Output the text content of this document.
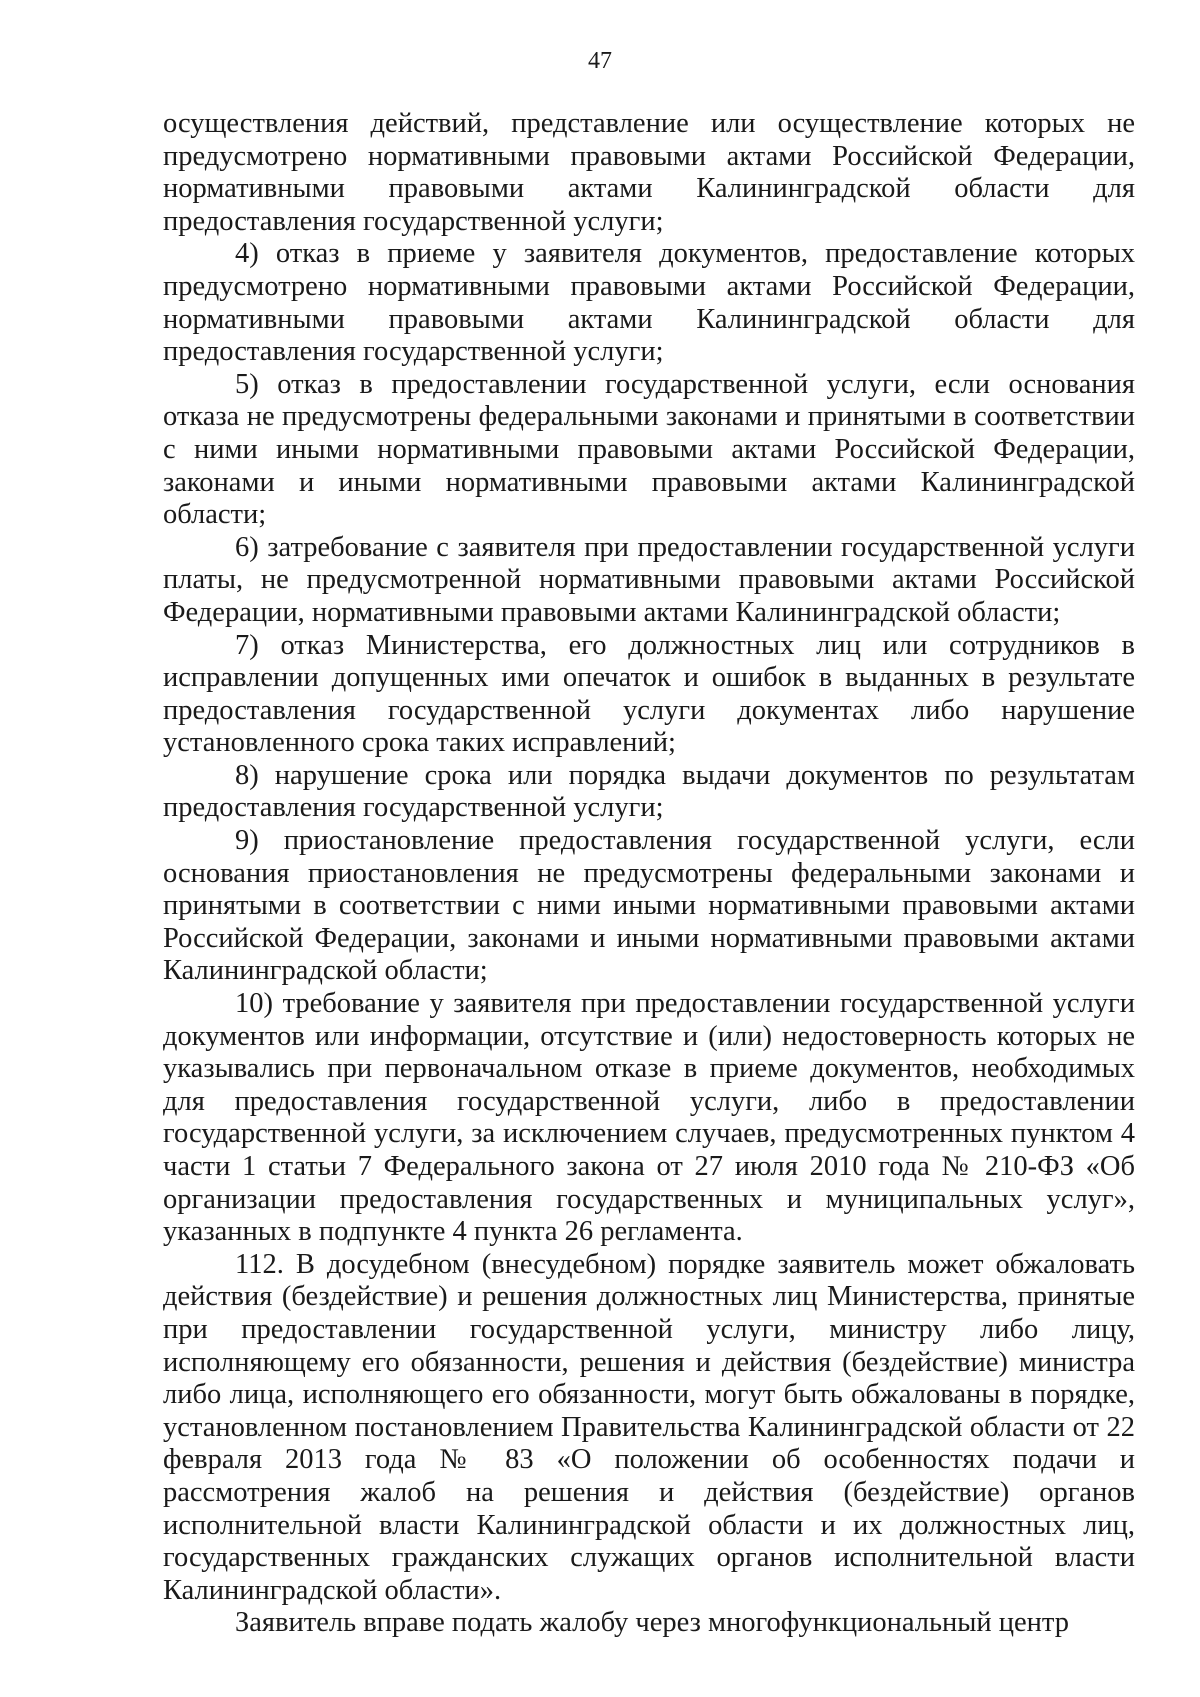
47

осуществления действий, представление или осуществление которых не предусмотрено нормативными правовыми актами Российской Федерации, нормативными правовыми актами Калининградской области для предоставления государственной услуги;

4) отказ в приеме у заявителя документов, предоставление которых предусмотрено нормативными правовыми актами Российской Федерации, нормативными правовыми актами Калининградской области для предоставления государственной услуги;

5) отказ в предоставлении государственной услуги, если основания отказа не предусмотрены федеральными законами и принятыми в соответствии с ними иными нормативными правовыми актами Российской Федерации, законами и иными нормативными правовыми актами Калининградской области;

6) затребование с заявителя при предоставлении государственной услуги платы, не предусмотренной нормативными правовыми актами Российской Федерации, нормативными правовыми актами Калининградской области;

7) отказ Министерства, его должностных лиц или сотрудников в исправлении допущенных ими опечаток и ошибок в выданных в результате предоставления государственной услуги документах либо нарушение установленного срока таких исправлений;

8) нарушение срока или порядка выдачи документов по результатам предоставления государственной услуги;

9) приостановление предоставления государственной услуги, если основания приостановления не предусмотрены федеральными законами и принятыми в соответствии с ними иными нормативными правовыми актами Российской Федерации, законами и иными нормативными правовыми актами Калининградской области;

10) требование у заявителя при предоставлении государственной услуги документов или информации, отсутствие и (или) недостоверность которых не указывались при первоначальном отказе в приеме документов, необходимых для предоставления государственной услуги, либо в предоставлении государственной услуги, за исключением случаев, предусмотренных пунктом 4 части 1 статьи 7 Федерального закона от 27 июля 2010 года № 210-ФЗ «Об организации предоставления государственных и муниципальных услуг», указанных в подпункте 4 пункта 26 регламента.

112. В досудебном (внесудебном) порядке заявитель может обжаловать действия (бездействие) и решения должностных лиц Министерства, принятые при предоставлении государственной услуги, министру либо лицу, исполняющему его обязанности, решения и действия (бездействие) министра либо лица, исполняющего его обязанности, могут быть обжалованы в порядке, установленном постановлением Правительства Калининградской области от 22 февраля 2013 года № 83 «О положении об особенностях подачи и рассмотрения жалоб на решения и действия (бездействие) органов исполнительной власти Калининградской области и их должностных лиц, государственных гражданских служащих органов исполнительной власти Калининградской области».

Заявитель вправе подать жалобу через многофункциональный центр
